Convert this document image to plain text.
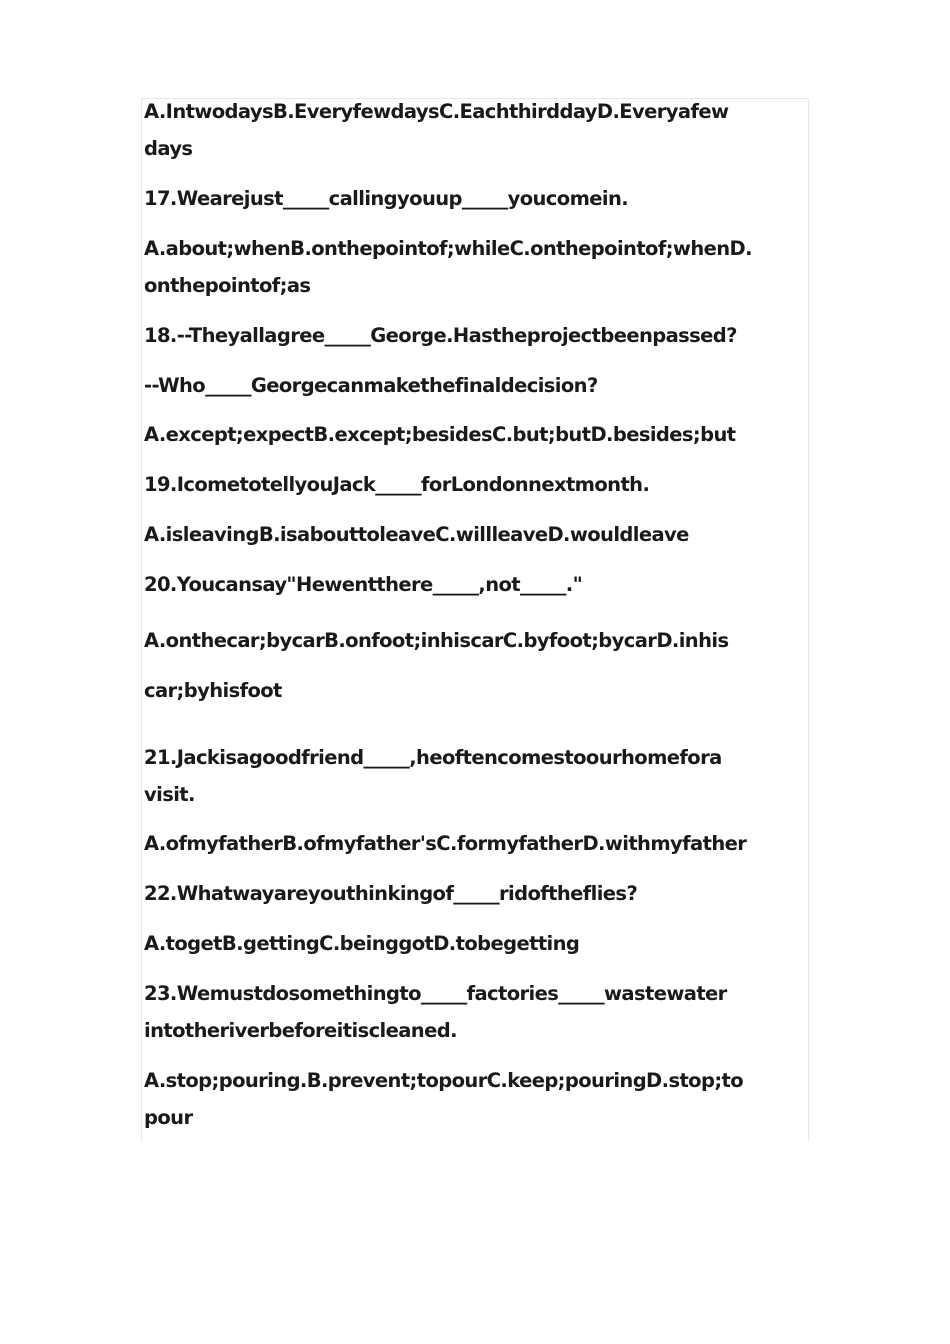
A.IntwodaysB.EveryfewdaysC.EachthirddayD.Everyafew
days
17.Wearejust_____callingyouup_____youcomein.
A.about;whenB.onthepointof;whileC.onthepointof;whenD.
onthepointof;as
18.--Theyallagree_____George.Hastheprojectbeenpassed?
--Who_____Georgecanmakethefinaldecision?
A.except;expectB.except;besidesC.but;butD.besides;but
19.IcometotellyouJack_____forLondonnextmonth.
A.isleavingB.isabouttoleaveC.willleaveD.wouldleave
20.Youcansay"Hewentthere_____,not_____."
A.onthecar;bycarB.onfoot;inhiscarC.byfoot;bycarD.inhis
car;byhisfoot
21.Jackisagoodfriend_____,heoftencomestoourhomefora
visit.
A.ofmyfatherB.ofmyfather'sC.formyfatherD.withmyfather
22.Whatwayareyouthinkingof_____ridoftheflies?
A.togetB.gettingC.beinggotD.tobegetting
23.Wemustdosomethingto_____factories_____wastewater
intotheriverbeforeitiscleaned.
A.stop;pouring.B.prevent;topourC.keep;pouringD.stop;to
pour
